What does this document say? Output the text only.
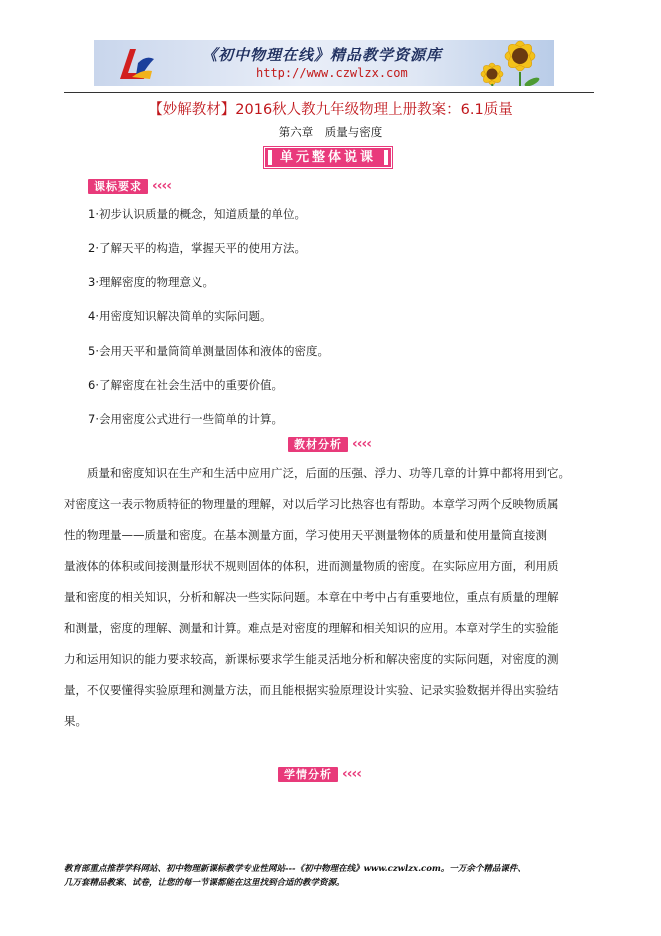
《初中物理在线》精品教学资源库
http://www.czwlzx.com
【妙解教材】2016秋人教九年级物理上册教案：6.1质量
第六章　质量与密度
单元整体说课
课标要求 ‹‹‹‹
1·初步认识质量的概念，知道质量的单位。
2·了解天平的构造，掌握天平的使用方法。
3·理解密度的物理意义。
4·用密度知识解决简单的实际问题。
5·会用天平和量筒简单测量固体和液体的密度。
6·了解密度在社会生活中的重要价值。
7·会用密度公式进行一些简单的计算。
教材分析 ‹‹‹‹
　　质量和密度知识在生产和生活中应用广泛，后面的压强、浮力、功等几章的计算中都将用到它。
对密度这一表示物质特征的物理量的理解，对以后学习比热容也有帮助。本章学习两个反映物质属
性的物理量——质量和密度。在基本测量方面，学习使用天平测量物体的质量和使用量筒直接测
量液体的体积或间接测量形状不规则固体的体积，进而测量物质的密度。在实际应用方面，利用质
量和密度的相关知识，分析和解决一些实际问题。本章在中考中占有重要地位，重点有质量的理解
和测量，密度的理解、测量和计算。难点是对密度的理解和相关知识的应用。本章对学生的实验能
力和运用知识的能力要求较高，新课标要求学生能灵活地分析和解决密度的实际问题，对密度的测
量，不仅要懂得实验原理和测量方法，而且能根据实验原理设计实验、记录实验数据并得出实验结
果。
学情分析 ‹‹‹‹
教育部重点推荐学科网站、初中物理新课标教学专业性网站---《初中物理在线》www.czwlzx.com。一万余个精品课件、
几万套精品教案、试卷，让您的每一节课都能在这里找到合适的教学资源。
